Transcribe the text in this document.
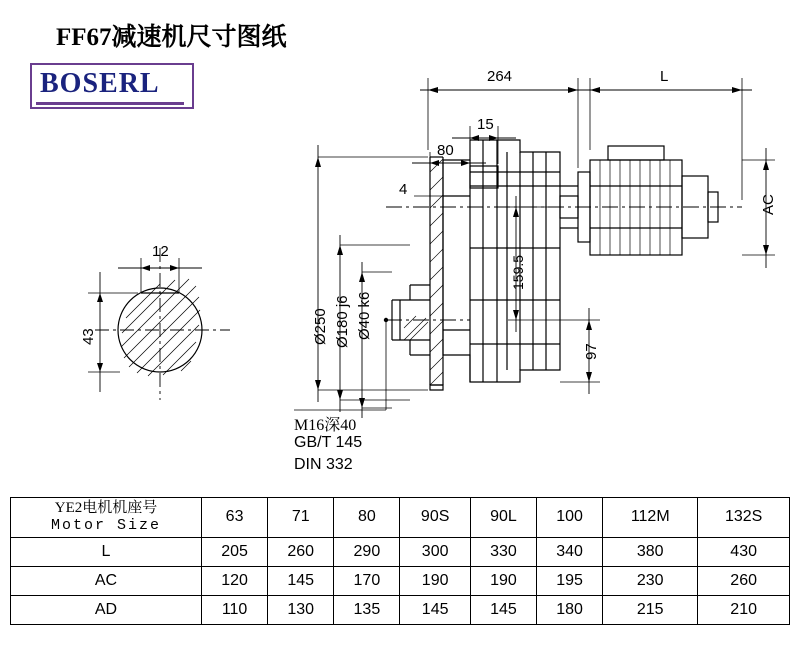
FF67减速机尺寸图纸
BOSERL
12
43
264	L
15
80
4
AC
159.5
97
Ø250 Ø180 j6 Ø40 k6
M16深40
GB/T 145
DIN 332
YE2电机机座号
Motor Size	63	71	80	90S	90L	100	112M	132S
L	205	260	290	300	330	340	380	430
AC	120	145	170	190	190	195	230	260
AD	110	130	135	145	145	180	215	210
